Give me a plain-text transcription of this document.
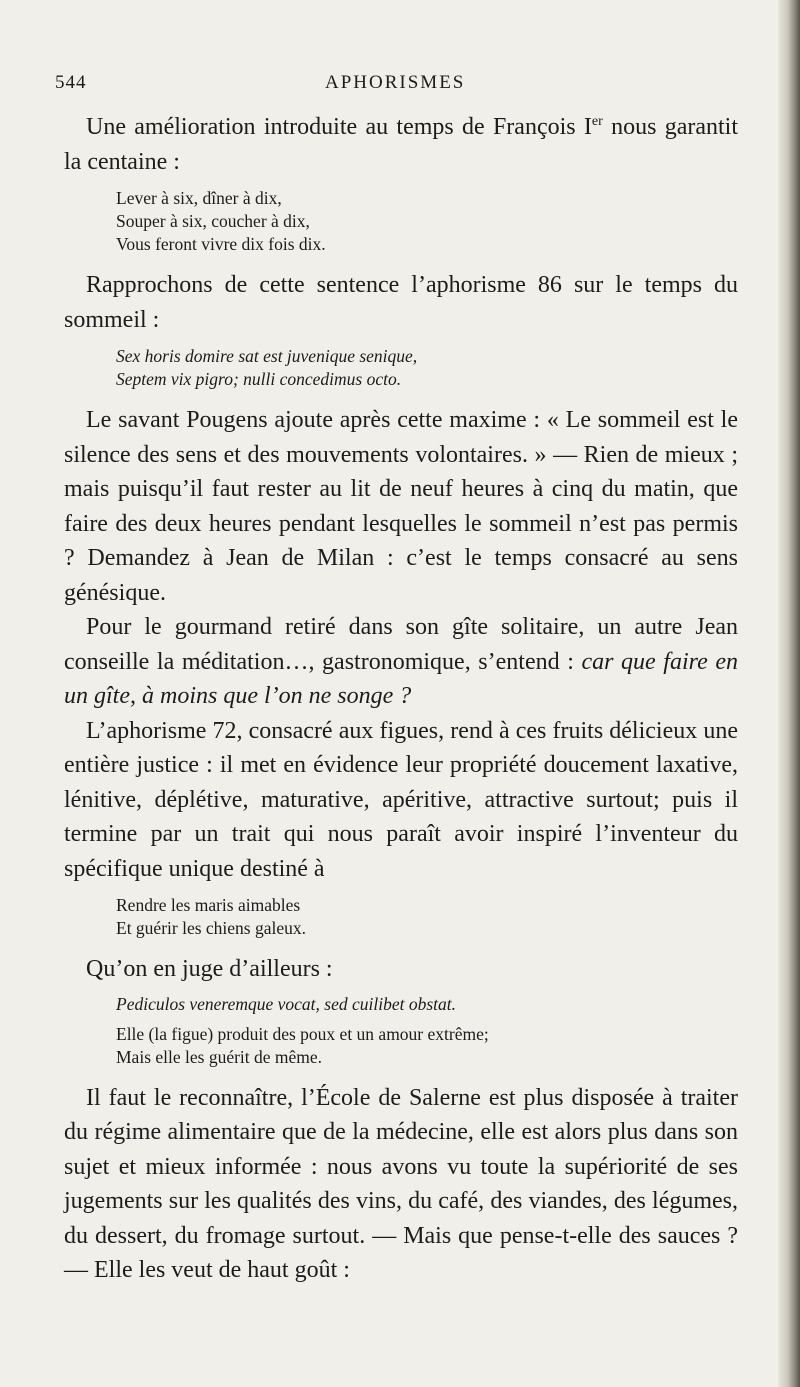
544	APHORISMES

Une amélioration introduite au temps de François Ier nous garantit la centaine :

Lever à six, dîner à dix,
Souper à six, coucher à dix,
Vous feront vivre dix fois dix.

Rapprochons de cette sentence l’aphorisme 86 sur le temps du sommeil :

Sex horis domire sat est juvenique senique,
Septem vix pigro; nulli concedimus octo.

Le savant Pougens ajoute après cette maxime : « Le sommeil est le silence des sens et des mouvements volontaires. » — Rien de mieux ; mais puisqu’il faut rester au lit de neuf heures à cinq du matin, que faire des deux heures pendant lesquelles le sommeil n’est pas permis ? Demandez à Jean de Milan : c’est le temps consacré au sens génésique.

Pour le gourmand retiré dans son gîte solitaire, un autre Jean conseille la méditation…, gastronomique, s’entend : car que faire en un gîte, à moins que l’on ne songe ?

L’aphorisme 72, consacré aux figues, rend à ces fruits délicieux une entière justice : il met en évidence leur propriété doucement laxative, lénitive, déplétive, maturative, apéritive, attractive surtout; puis il termine par un trait qui nous paraît avoir inspiré l’inventeur du spécifique unique destiné à

Rendre les maris aimables
Et guérir les chiens galeux.

Qu’on en juge d’ailleurs :

Pediculos veneremque vocat, sed cuilibet obstat.
Elle (la figue) produit des poux et un amour extrême;
Mais elle les guérit de même.

Il faut le reconnaître, l’École de Salerne est plus disposée à traiter du régime alimentaire que de la médecine, elle est alors plus dans son sujet et mieux informée : nous avons vu toute la supériorité de ses jugements sur les qualités des vins, du café, des viandes, des légumes, du dessert, du fromage surtout. — Mais que pense-t-elle des sauces ? — Elle les veut de haut goût :
